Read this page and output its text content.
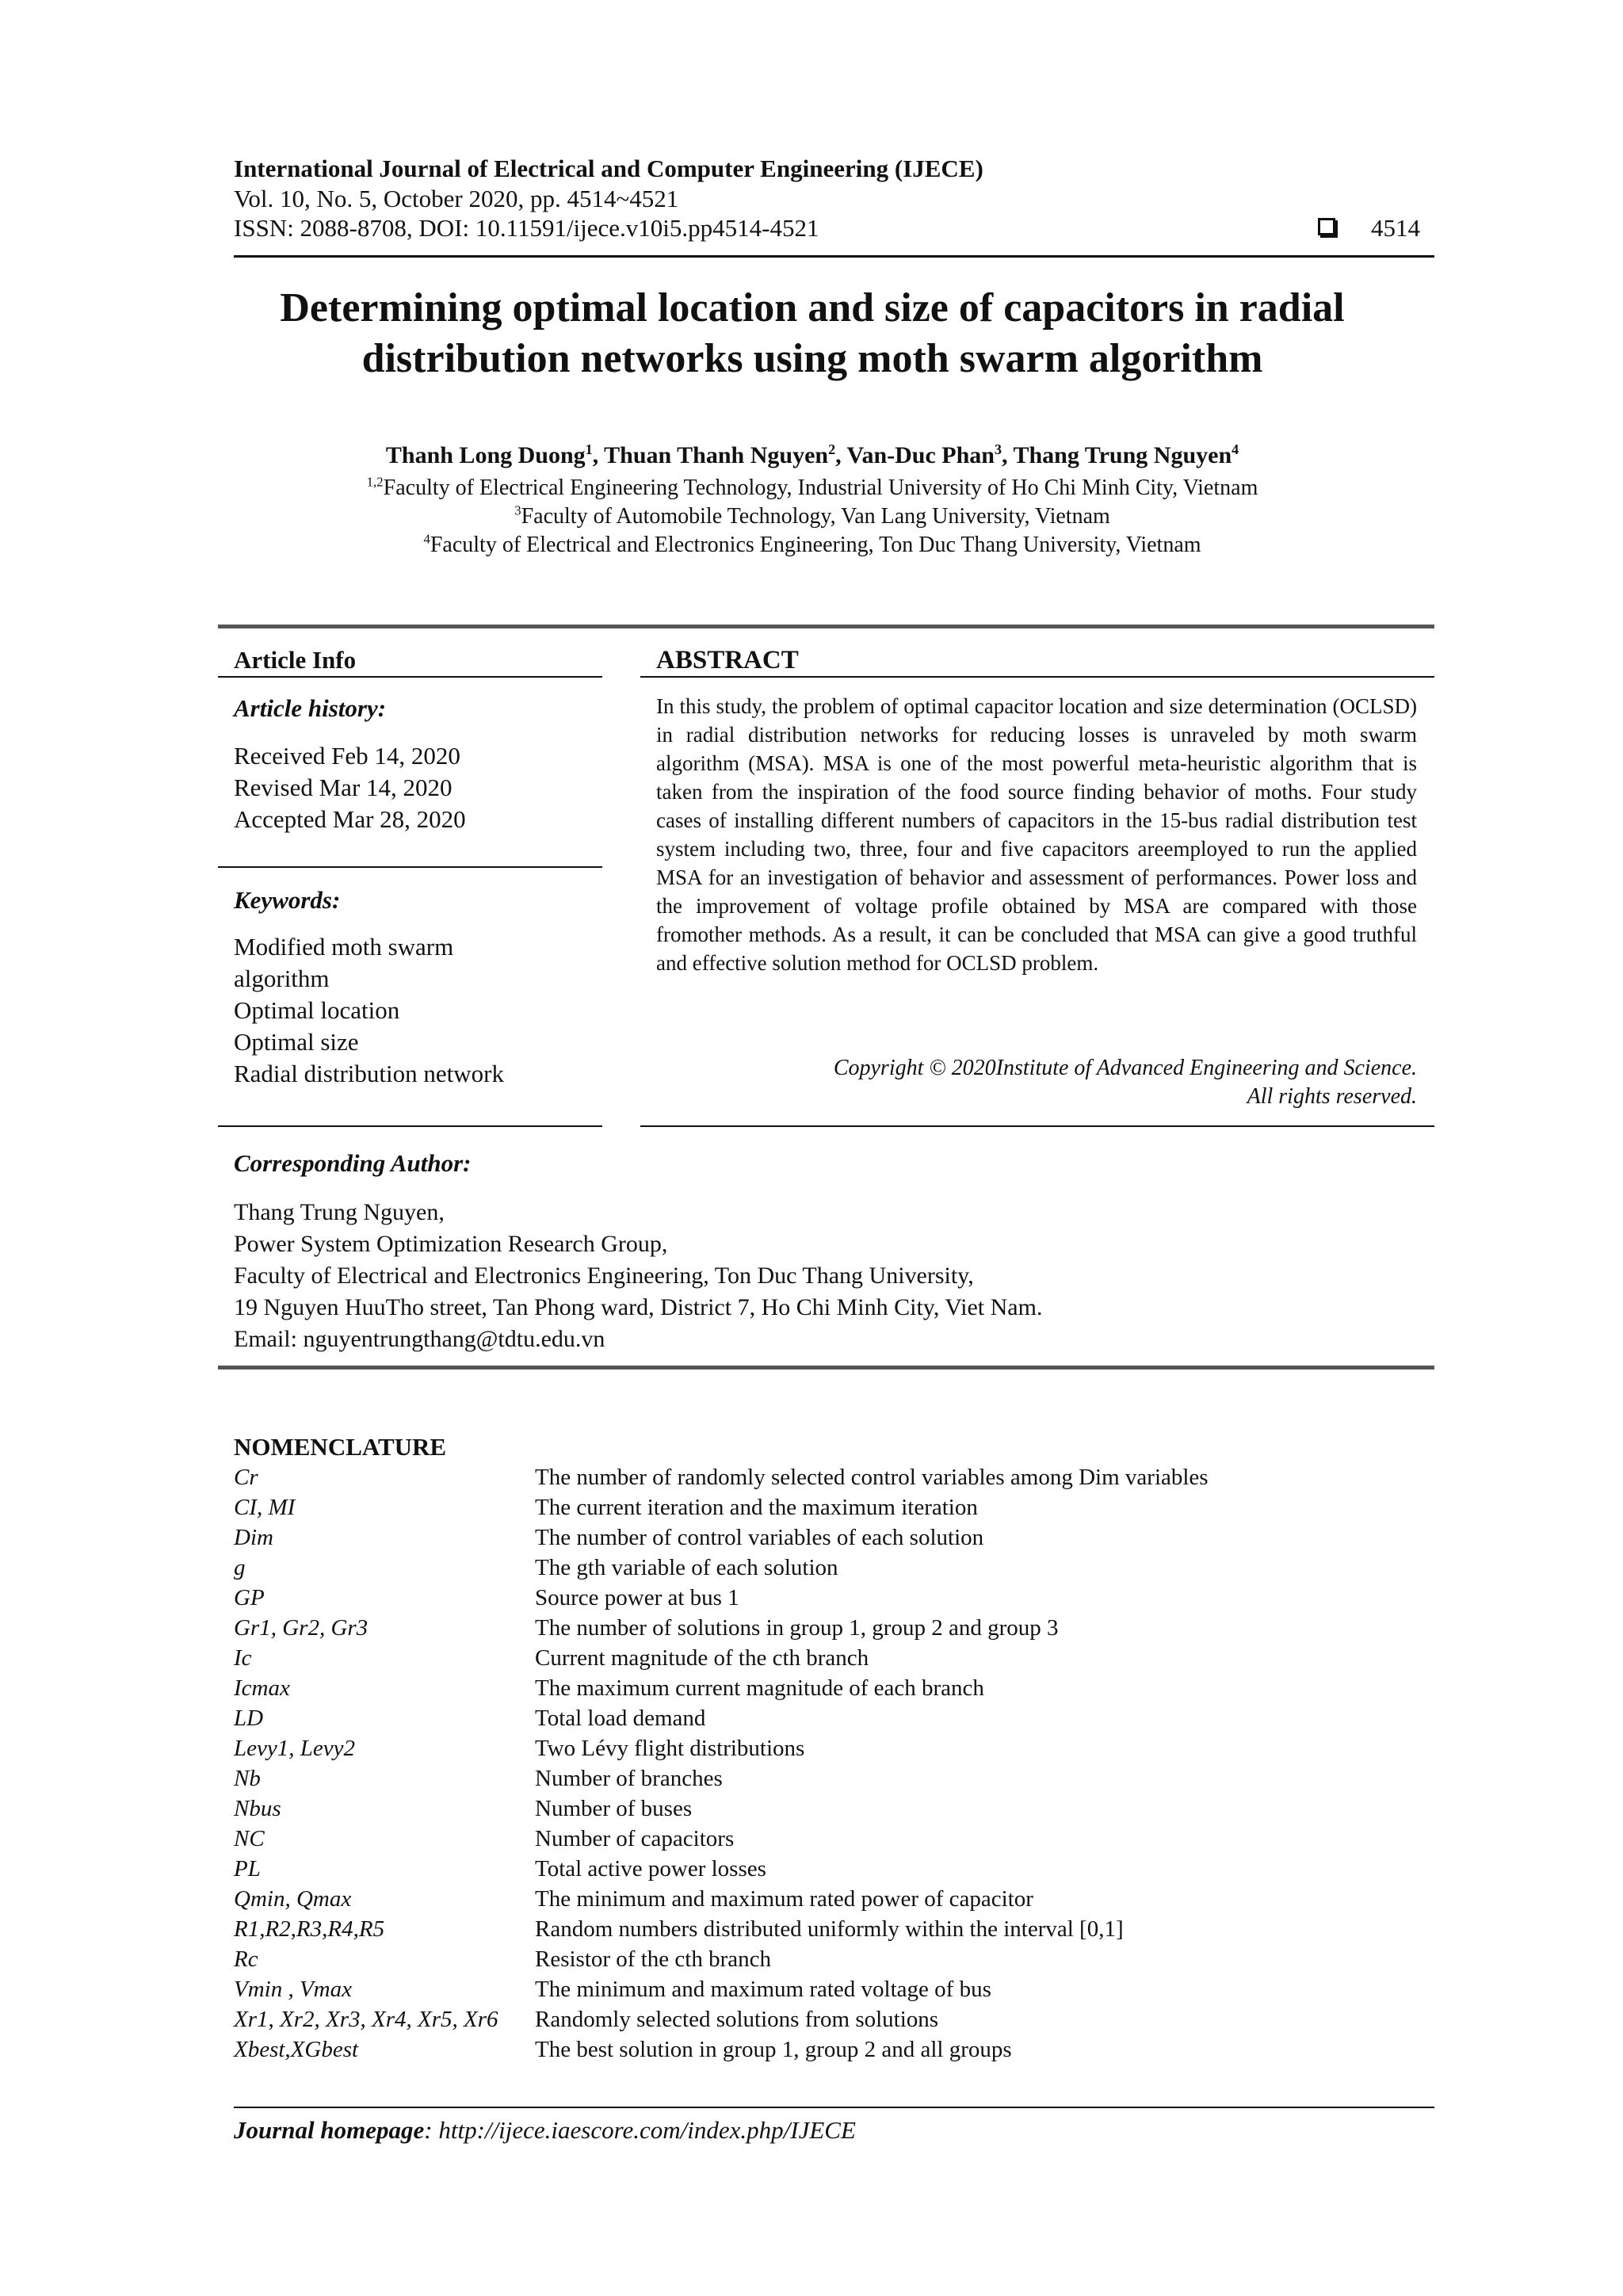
International Journal of Electrical and Computer Engineering (IJECE)
Vol. 10, No. 5, October 2020, pp. 4514~4521
ISSN: 2088-8708, DOI: 10.11591/ijece.v10i5.pp4514-4521	4514
Determining optimal location and size of capacitors in radial
distribution networks using moth swarm algorithm
Thanh Long Duong$^1$, Thuan Thanh Nguyen$^2$, Van-Duc Phan$^3$, Thang Trung Nguyen$^4$
$^{1,2}$Faculty of Electrical Engineering Technology, Industrial University of Ho Chi Minh City, Vietnam
$^3$Faculty of Automobile Technology, Van Lang University, Vietnam
$^4$Faculty of Electrical and Electronics Engineering, Ton Duc Thang University, Vietnam
Article Info	ABSTRACT
Article history:
Received Feb 14, 2020
Revised Mar 14, 2020
Accepted Mar 28, 2020
Keywords:
Modified moth swarm
algorithm
Optimal location
Optimal size
Radial distribution network
In this study, the problem of optimal capacitor location and size determination (OCLSD) in radial distribution networks for reducing losses is unraveled by moth swarm algorithm (MSA). MSA is one of the most powerful meta-heuristic algorithm that is taken from the inspiration of the food source finding behavior of moths. Four study cases of installing different numbers of capacitors in the 15-bus radial distribution test system including two, three, four and five capacitors areemployed to run the applied MSA for an investigation of behavior and assessment of performances. Power loss and the improvement of voltage profile obtained by MSA are compared with those fromother methods. As a result, it can be concluded that MSA can give a good truthful and effective solution method for OCLSD problem.
Copyright © 2020Institute of Advanced Engineering and Science.
All rights reserved.
Corresponding Author:
Thang Trung Nguyen,
Power System Optimization Research Group,
Faculty of Electrical and Electronics Engineering, Ton Duc Thang University,
19 Nguyen HuuTho street, Tan Phong ward, District 7, Ho Chi Minh City, Viet Nam.
Email: nguyentrungthang@tdtu.edu.vn
NOMENCLATURE
Cr	The number of randomly selected control variables among Dim variables
CI, MI	The current iteration and the maximum iteration
Dim	The number of control variables of each solution
g	The gth variable of each solution
GP	Source power at bus 1
Gr1, Gr2, Gr3	The number of solutions in group 1, group 2 and group 3
Ic	Current magnitude of the cth branch
Icmax	The maximum current magnitude of each branch
LD	Total load demand
Levy1, Levy2	Two Lévy flight distributions
Nb	Number of branches
Nbus	Number of buses
NC	Number of capacitors
PL	Total active power losses
Qmin, Qmax	The minimum and maximum rated power of capacitor
R1,R2,R3,R4,R5	Random numbers distributed uniformly within the interval [0,1]
Rc	Resistor of the cth branch
Vmin , Vmax	The minimum and maximum rated voltage of bus
Xr1, Xr2, Xr3, Xr4, Xr5, Xr6	Randomly selected solutions from solutions
Xbest,XGbest	The best solution in group 1, group 2 and all groups
Journal homepage: http://ijece.iaescore.com/index.php/IJECE
